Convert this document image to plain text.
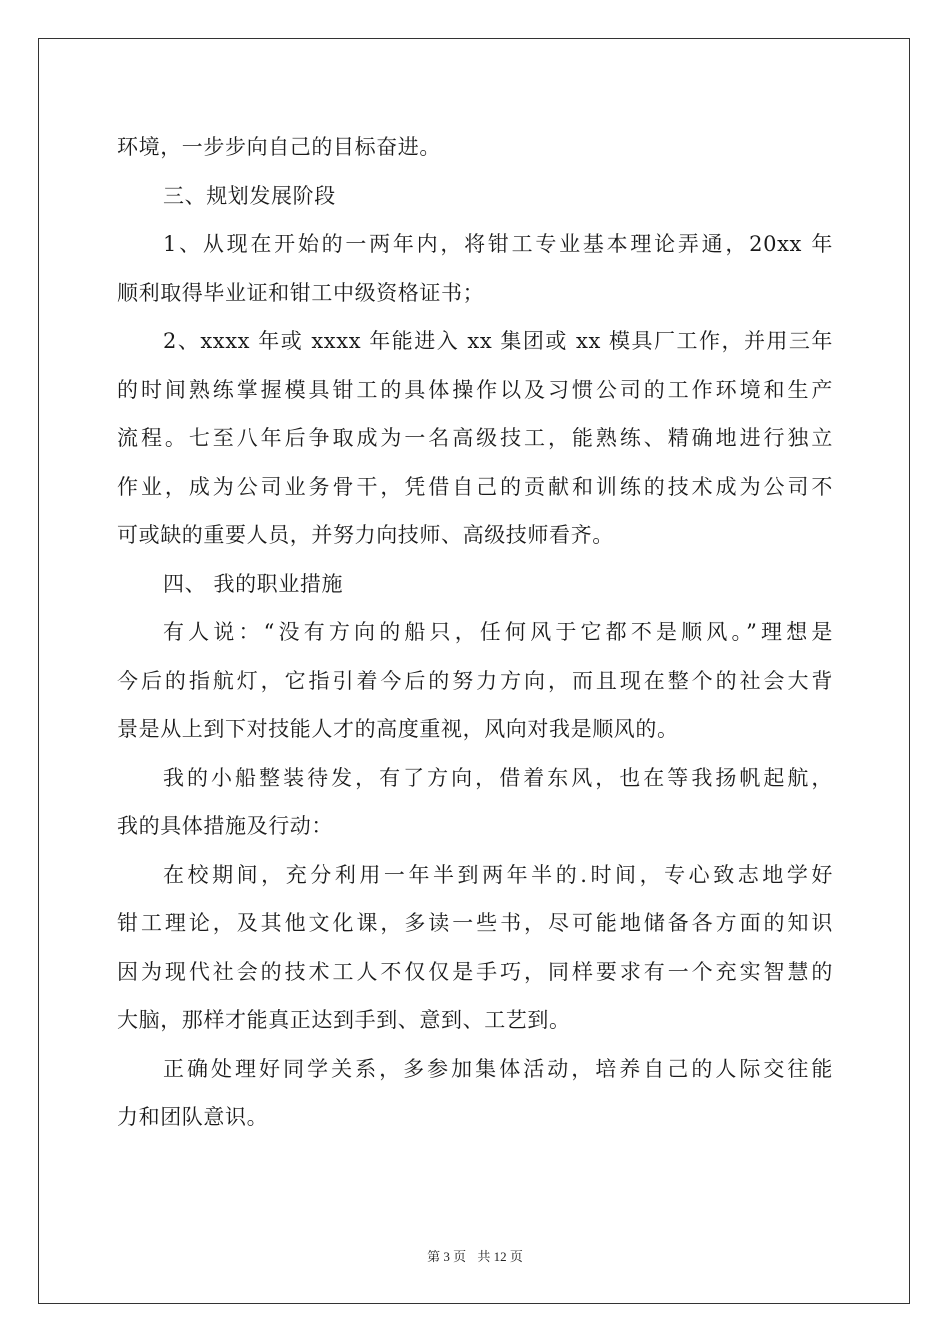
环境，一步步向自己的目标奋进。
三、规划发展阶段
1、从现在开始的一两年内，将钳工专业基本理论弄通，20xx 年
顺利取得毕业证和钳工中级资格证书；
2、xxxx 年或 xxxx 年能进入 xx 集团或 xx 模具厂工作，并用三年
的时间熟练掌握模具钳工的具体操作以及习惯公司的工作环境和生产
流程。七至八年后争取成为一名高级技工，能熟练、精确地进行独立
作业，成为公司业务骨干，凭借自己的贡献和训练的技术成为公司不
可或缺的重要人员，并努力向技师、高级技师看齐。
四、 我的职业措施
有人说：“没有方向的船只，任何风于它都不是顺风。”理想是
今后的指航灯，它指引着今后的努力方向，而且现在整个的社会大背
景是从上到下对技能人才的高度重视，风向对我是顺风的。
我的小船整装待发，有了方向，借着东风，也在等我扬帆起航，
我的具体措施及行动：
在校期间，充分利用一年半到两年半的.时间，专心致志地学好
钳工理论，及其他文化课，多读一些书，尽可能地储备各方面的知识
因为现代社会的技术工人不仅仅是手巧，同样要求有一个充实智慧的
大脑，那样才能真正达到手到、意到、工艺到。
正确处理好同学关系，多参加集体活动，培养自己的人际交往能
力和团队意识。
第 3 页 共 12 页
